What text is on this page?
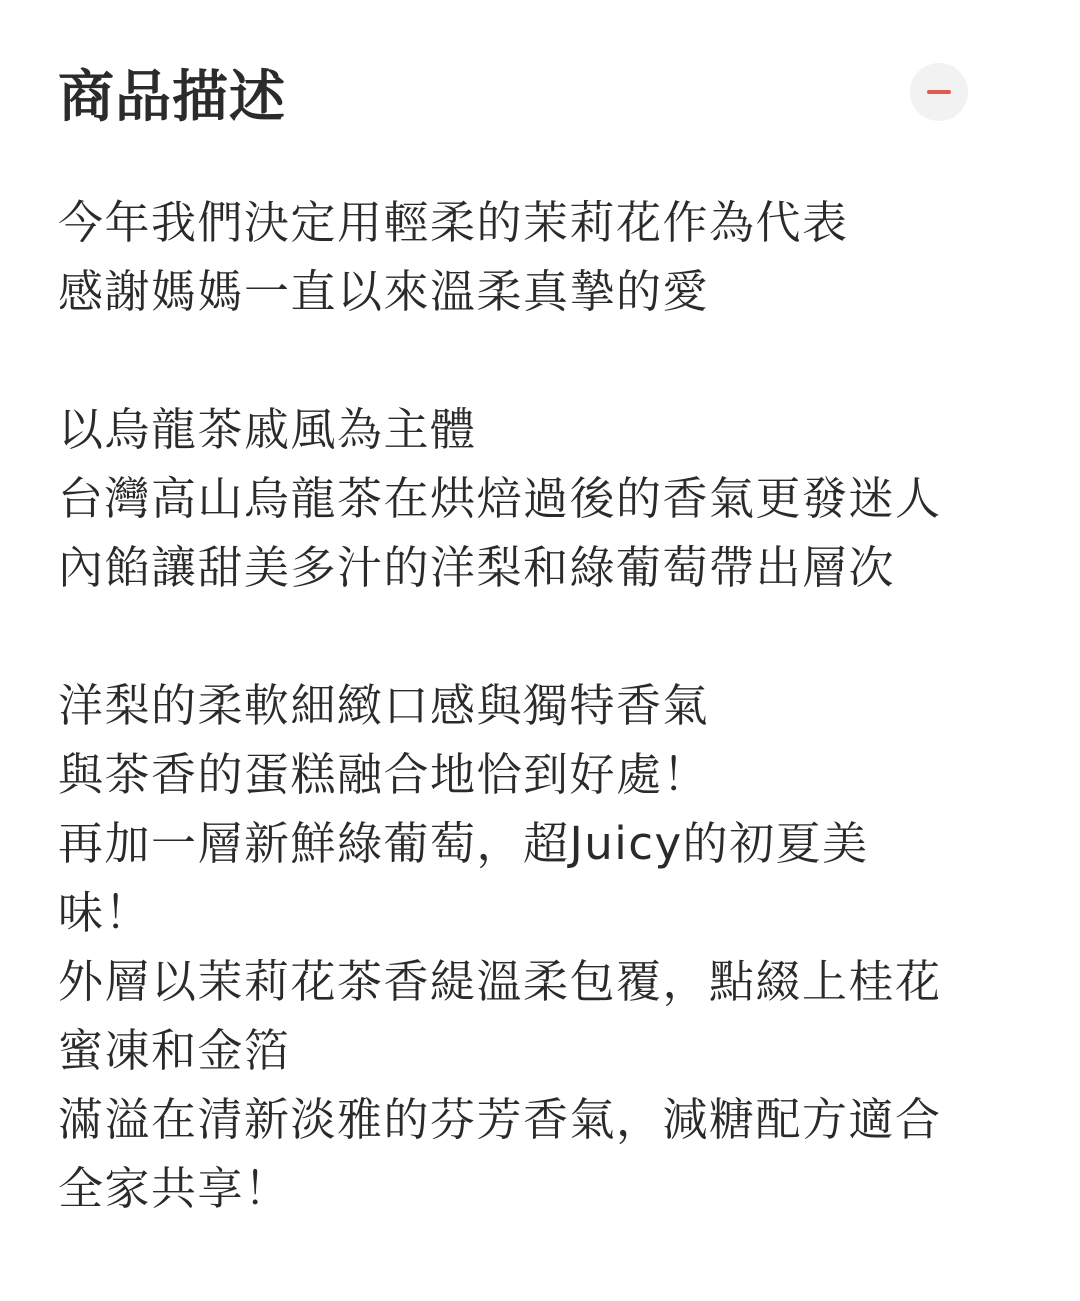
商品描述
今年我們決定用輕柔的茉莉花作為代表
感謝媽媽一直以來溫柔真摯的愛
以烏龍茶戚風為主體
台灣高山烏龍茶在烘焙過後的香氣更發迷人
內餡讓甜美多汁的洋梨和綠葡萄帶出層次
洋梨的柔軟細緻口感與獨特香氣
與茶香的蛋糕融合地恰到好處！
再加一層新鮮綠葡萄，超Juicy的初夏美
味！
外層以茉莉花茶香緹溫柔包覆，點綴上桂花
蜜凍和金箔
滿溢在清新淡雅的芬芳香氣，減糖配方適合
全家共享！
